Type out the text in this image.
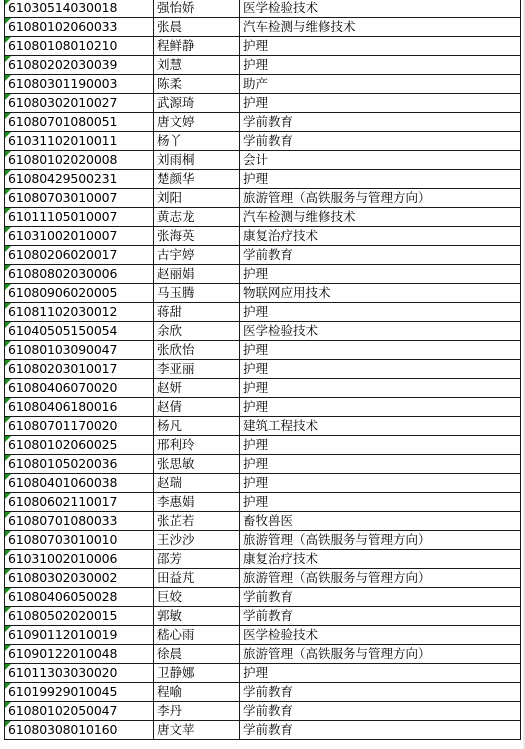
61030514030018	强怡娇	医学检验技术

61080102060033	张晨	汽车检测与维修技术

61080108010210	程鲜静	护理

61080202030039	刘慧	护理

61080301190003	陈柔	助产

61080302010027	武源琦	护理

61080701080051	唐文婷	学前教育

61031102010011	杨丫	学前教育

61080102020008	刘雨桐	会计

61080429500231	楚颜华	护理

61080703010007	刘阳	旅游管理（高铁服务与管理方向）

61011105010007	黄志龙	汽车检测与维修技术

61031002010007	张海英	康复治疗技术

61080206020017	古宇婷	学前教育

61080802030006	赵丽娟	护理

61080906020005	马玉腾	物联网应用技术

61081102030012	蒋甜	护理

61040505150054	余欣	医学检验技术

61080103090047	张欣怡	护理

61080203010017	李亚丽	护理

61080406070020	赵妍	护理

61080406180016	赵倩	护理

61080701170020	杨凡	建筑工程技术

61080102060025	邢利玲	护理

61080105020036	张思敏	护理

61080401060038	赵瑞	护理

61080602110017	李惠娟	护理

61080701080033	张芷若	畜牧兽医

61080703010010	王沙沙	旅游管理（高铁服务与管理方向）

61031002010006	邵芳	康复治疗技术

61080302030002	田益芃	旅游管理（高铁服务与管理方向）

61080406050028	巨姣	学前教育

61080502020015	郭敏	学前教育

61090112010019	嵇心雨	医学检验技术

61090122010048	徐晨	旅游管理（高铁服务与管理方向）

61011303030020	卫静娜	护理

61019929010045	程喻	学前教育

61080102050047	李丹	学前教育

61080308010160	唐文苹	学前教育
